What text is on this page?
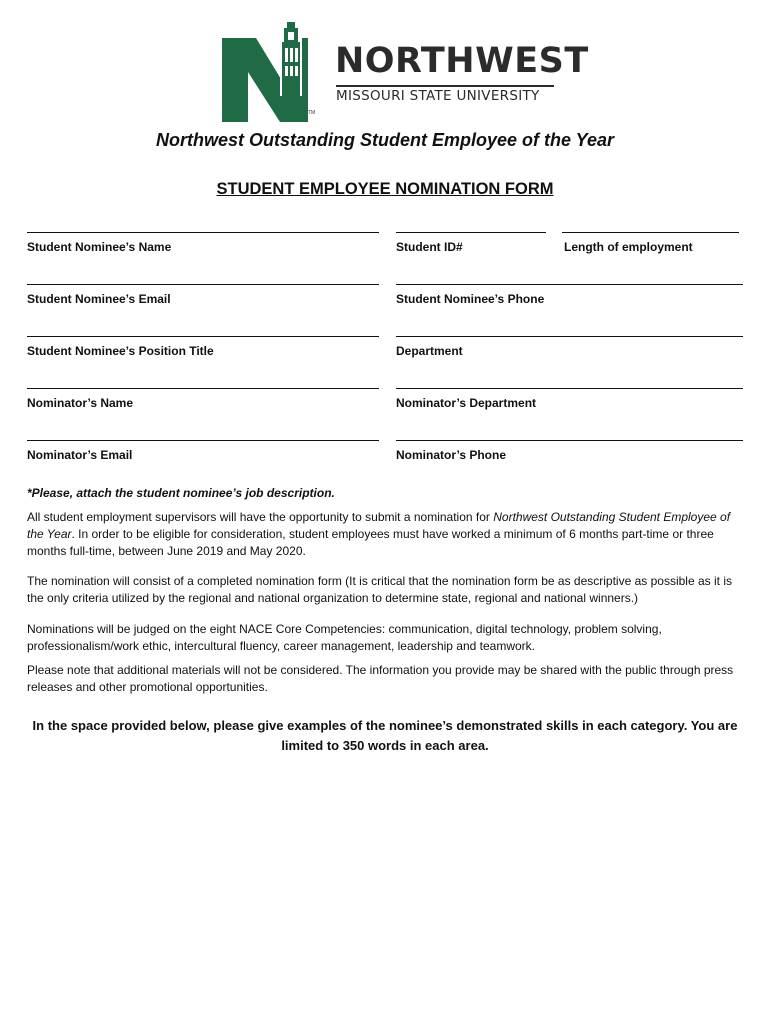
TM
NORTHWEST
MISSOURI STATE UNIVERSITY
Northwest Outstanding Student Employee of the Year
STUDENT EMPLOYEE NOMINATION FORM
Student Nominee’s Name	Student ID#	Length of employment
Student Nominee’s Email	Student Nominee’s Phone
Student Nominee’s Position Title	Department
Nominator’s Name	Nominator’s Department
Nominator’s Email	Nominator’s Phone
*Please, attach the student nominee’s job description.
All student employment supervisors will have the opportunity to submit a nomination for Northwest Outstanding Student Employee of the Year. In order to be eligible for consideration, student employees must have worked a minimum of 6 months part-time or three months full-time, between June 2019 and May 2020.
The nomination will consist of a completed nomination form (It is critical that the nomination form be as descriptive as possible as it is the only criteria utilized by the regional and national organization to determine state, regional and national winners.)
Nominations will be judged on the eight NACE Core Competencies: communication, digital technology, problem solving, professionalism/work ethic, intercultural fluency, career management, leadership and teamwork.
Please note that additional materials will not be considered. The information you provide may be shared with the public through press releases and other promotional opportunities.
In the space provided below, please give examples of the nominee’s demonstrated skills in each category. You are limited to 350 words in each area.
